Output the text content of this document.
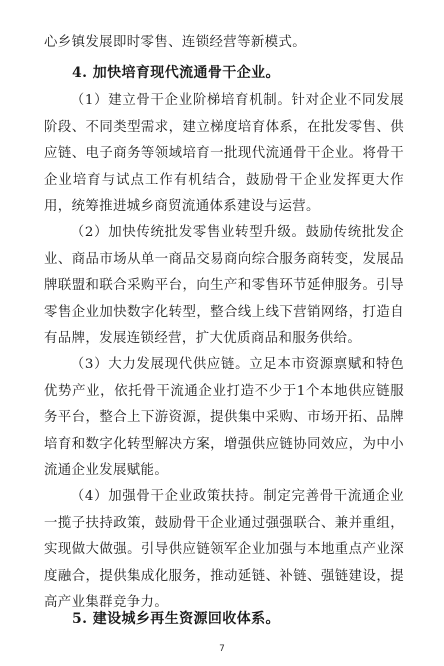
心乡镇发展即时零售、连锁经营等新模式。
4. 加快培育现代流通骨干企业。
（1）建立骨干企业阶梯培育机制。针对企业不同发展阶段、不同类型需求，建立梯度培育体系，在批发零售、供应链、电子商务等领域培育一批现代流通骨干企业。将骨干企业培育与试点工作有机结合，鼓励骨干企业发挥更大作用，统筹推进城乡商贸流通体系建设与运营。
（2）加快传统批发零售业转型升级。鼓励传统批发企业、商品市场从单一商品交易商向综合服务商转变，发展品牌联盟和联合采购平台，向生产和零售环节延伸服务。引导零售企业加快数字化转型，整合线上线下营销网络，打造自有品牌，发展连锁经营，扩大优质商品和服务供给。
（3）大力发展现代供应链。立足本市资源禀赋和特色优势产业，依托骨干流通企业打造不少于1个本地供应链服务平台，整合上下游资源，提供集中采购、市场开拓、品牌培育和数字化转型解决方案，增强供应链协同效应，为中小流通企业发展赋能。
（4）加强骨干企业政策扶持。制定完善骨干流通企业一揽子扶持政策，鼓励骨干企业通过强强联合、兼并重组，实现做大做强。引导供应链领军企业加强与本地重点产业深度融合，提供集成化服务，推动延链、补链、强链建设，提高产业集群竞争力。
5. 建设城乡再生资源回收体系。
7
